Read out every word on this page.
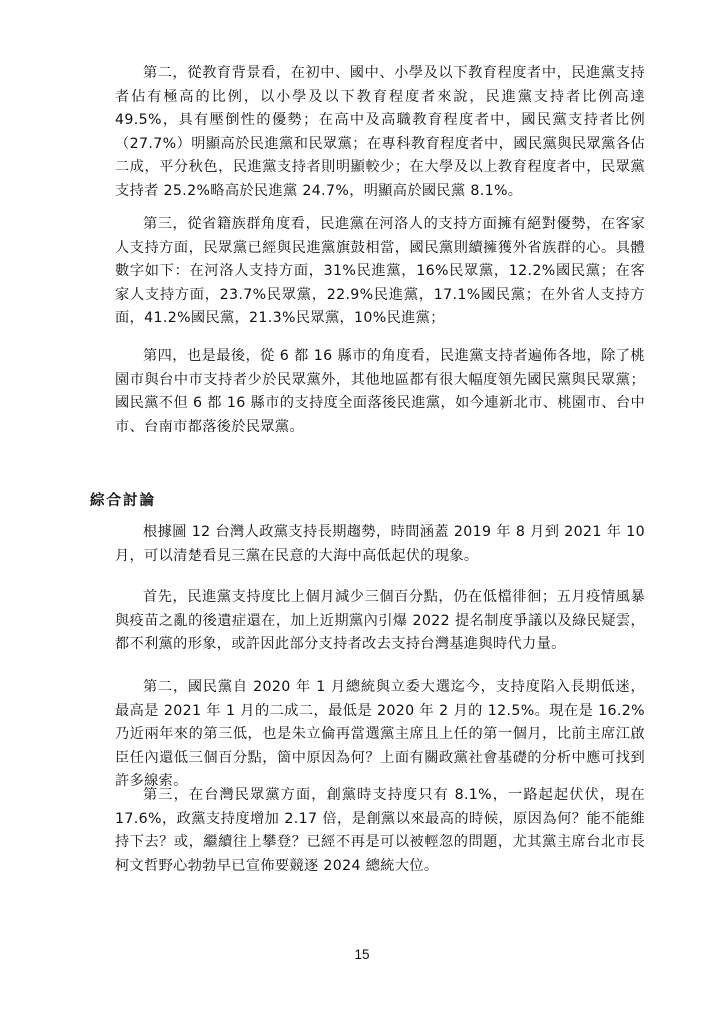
第二，從教育背景看，在初中、國中、小學及以下教育程度者中，民進黨支持者佔有極高的比例，以小學及以下教育程度者來說，民進黨支持者比例高達 49.5%，具有壓倒性的優勢；在高中及高職教育程度者中，國民黨支持者比例（27.7%）明顯高於民進黨和民眾黨；在專科教育程度者中，國民黨與民眾黨各佔二成，平分秋色，民進黨支持者則明顯較少；在大學及以上教育程度者中，民眾黨支持者 25.2%略高於民進黨 24.7%，明顯高於國民黨 8.1%。

第三，從省籍族群角度看，民進黨在河洛人的支持方面擁有絕對優勢，在客家人支持方面，民眾黨已經與民進黨旗鼓相當，國民黨則續擁獲外省族群的心。具體數字如下：在河洛人支持方面，31%民進黨，16%民眾黨，12.2%國民黨；在客家人支持方面，23.7%民眾黨，22.9%民進黨，17.1%國民黨；在外省人支持方面，41.2%國民黨，21.3%民眾黨，10%民進黨；

第四，也是最後，從 6 都 16 縣市的角度看，民進黨支持者遍佈各地，除了桃園市與台中市支持者少於民眾黨外，其他地區都有很大幅度領先國民黨與民眾黨；國民黨不但 6 都 16 縣市的支持度全面落後民進黨，如今連新北市、桃園市、台中市、台南市都落後於民眾黨。

綜合討論

根據圖 12 台灣人政黨支持長期趨勢，時間涵蓋 2019 年 8 月到 2021 年 10 月，可以清楚看見三黨在民意的大海中高低起伏的現象。

首先，民進黨支持度比上個月減少三個百分點，仍在低檔徘徊；五月疫情風暴與疫苗之亂的後遺症還在，加上近期黨內引爆 2022 提名制度爭議以及綠民疑雲，都不利黨的形象，或許因此部分支持者改去支持台灣基進與時代力量。

第二，國民黨自 2020 年 1 月總統與立委大選迄今，支持度陷入長期低迷，最高是 2021 年 1 月的二成二，最低是 2020 年 2 月的 12.5%。現在是 16.2%乃近兩年來的第三低，也是朱立倫再當選黨主席且上任的第一個月，比前主席江啟臣任內還低三個百分點，箇中原因為何？上面有關政黨社會基礎的分析中應可找到許多線索。

第三，在台灣民眾黨方面，創黨時支持度只有 8.1%，一路起起伏伏，現在 17.6%，政黨支持度增加 2.17 倍，是創黨以來最高的時候，原因為何？能不能維持下去？或，繼續往上攀登？已經不再是可以被輕忽的問題，尤其黨主席台北市長柯文哲野心勃勃早已宣佈要競逐 2024 總統大位。

15
